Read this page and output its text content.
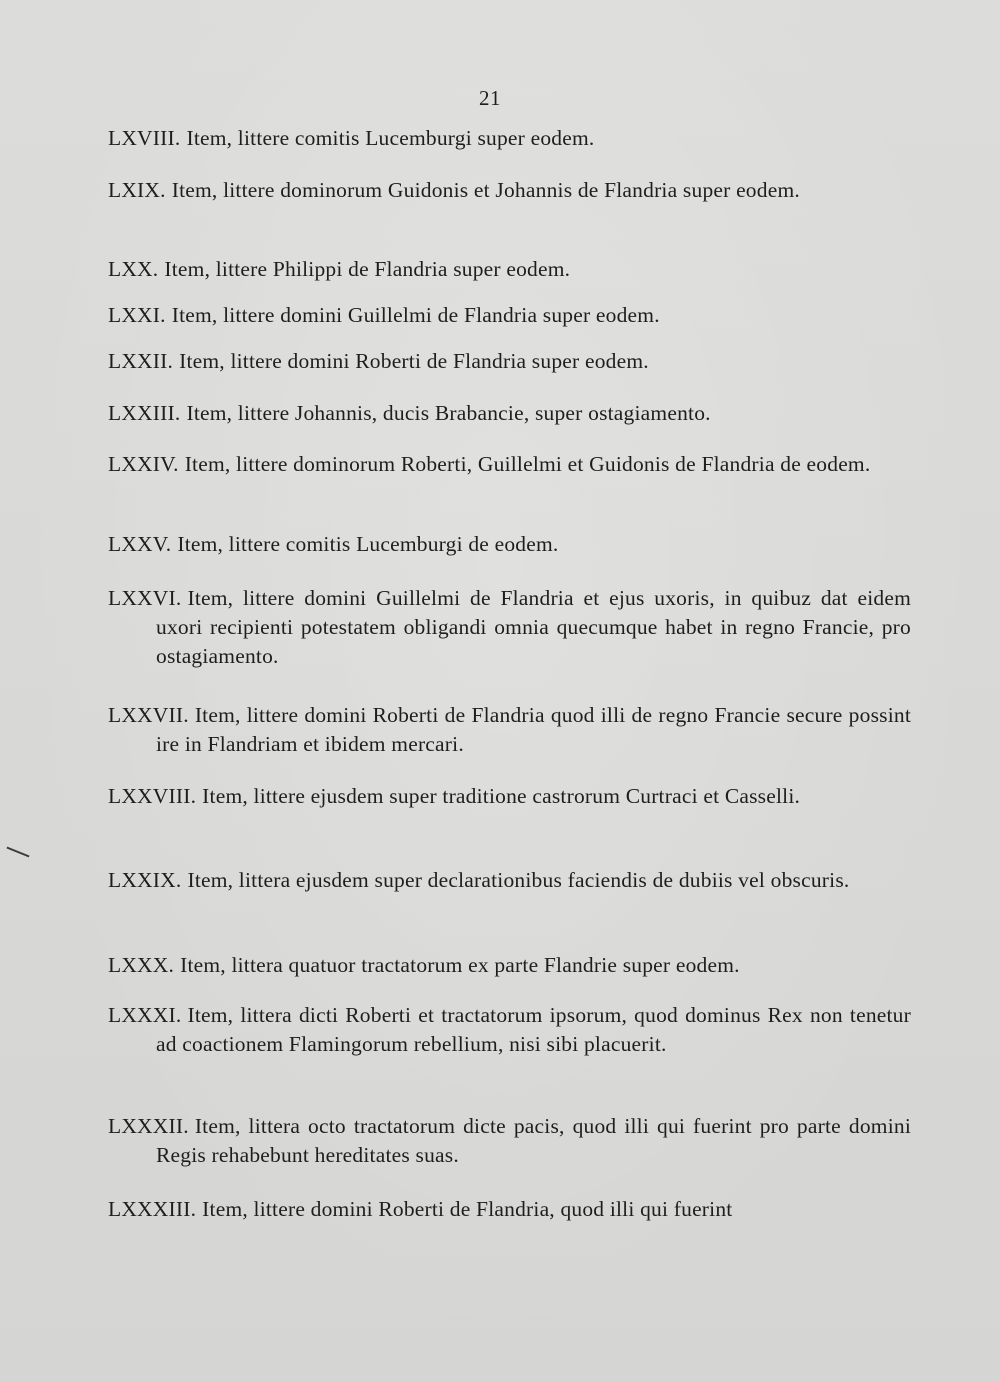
21
LXVIII. Item, littere comitis Lucemburgi super eodem.
LXIX. Item, littere dominorum Guidonis et Johannis de Flandria super eodem.
LXX. Item, littere Philippi de Flandria super eodem.
LXXI. Item, littere domini Guillelmi de Flandria super eodem.
LXXII. Item, littere domini Roberti de Flandria super eodem.
LXXIII. Item, littere Johannis, ducis Brabancie, super ostagiamento.
LXXIV. Item, littere dominorum Roberti, Guillelmi et Guidonis de Flandria de eodem.
LXXV. Item, littere comitis Lucemburgi de eodem.
LXXVI. Item, littere domini Guillelmi de Flandria et ejus uxoris, in quibuz dat eidem uxori recipienti potestatem obligandi omnia quecumque habet in regno Francie, pro ostagiamento.
LXXVII. Item, littere domini Roberti de Flandria quod illi de regno Francie secure possint ire in Flandriam et ibidem mercari.
LXXVIII. Item, littere ejusdem super traditione castrorum Curtraci et Casselli.
LXXIX. Item, littera ejusdem super declarationibus faciendis de dubiis vel obscuris.
LXXX. Item, littera quatuor tractatorum ex parte Flandrie super eodem.
LXXXI. Item, littera dicti Roberti et tractatorum ipsorum, quod dominus Rex non tenetur ad coactionem Flamingorum rebellium, nisi sibi placuerit.
LXXXII. Item, littera octo tractatorum dicte pacis, quod illi qui fuerint pro parte domini Regis rehabebunt hereditates suas.
LXXXIII. Item, littere domini Roberti de Flandria, quod illi qui fuerint
